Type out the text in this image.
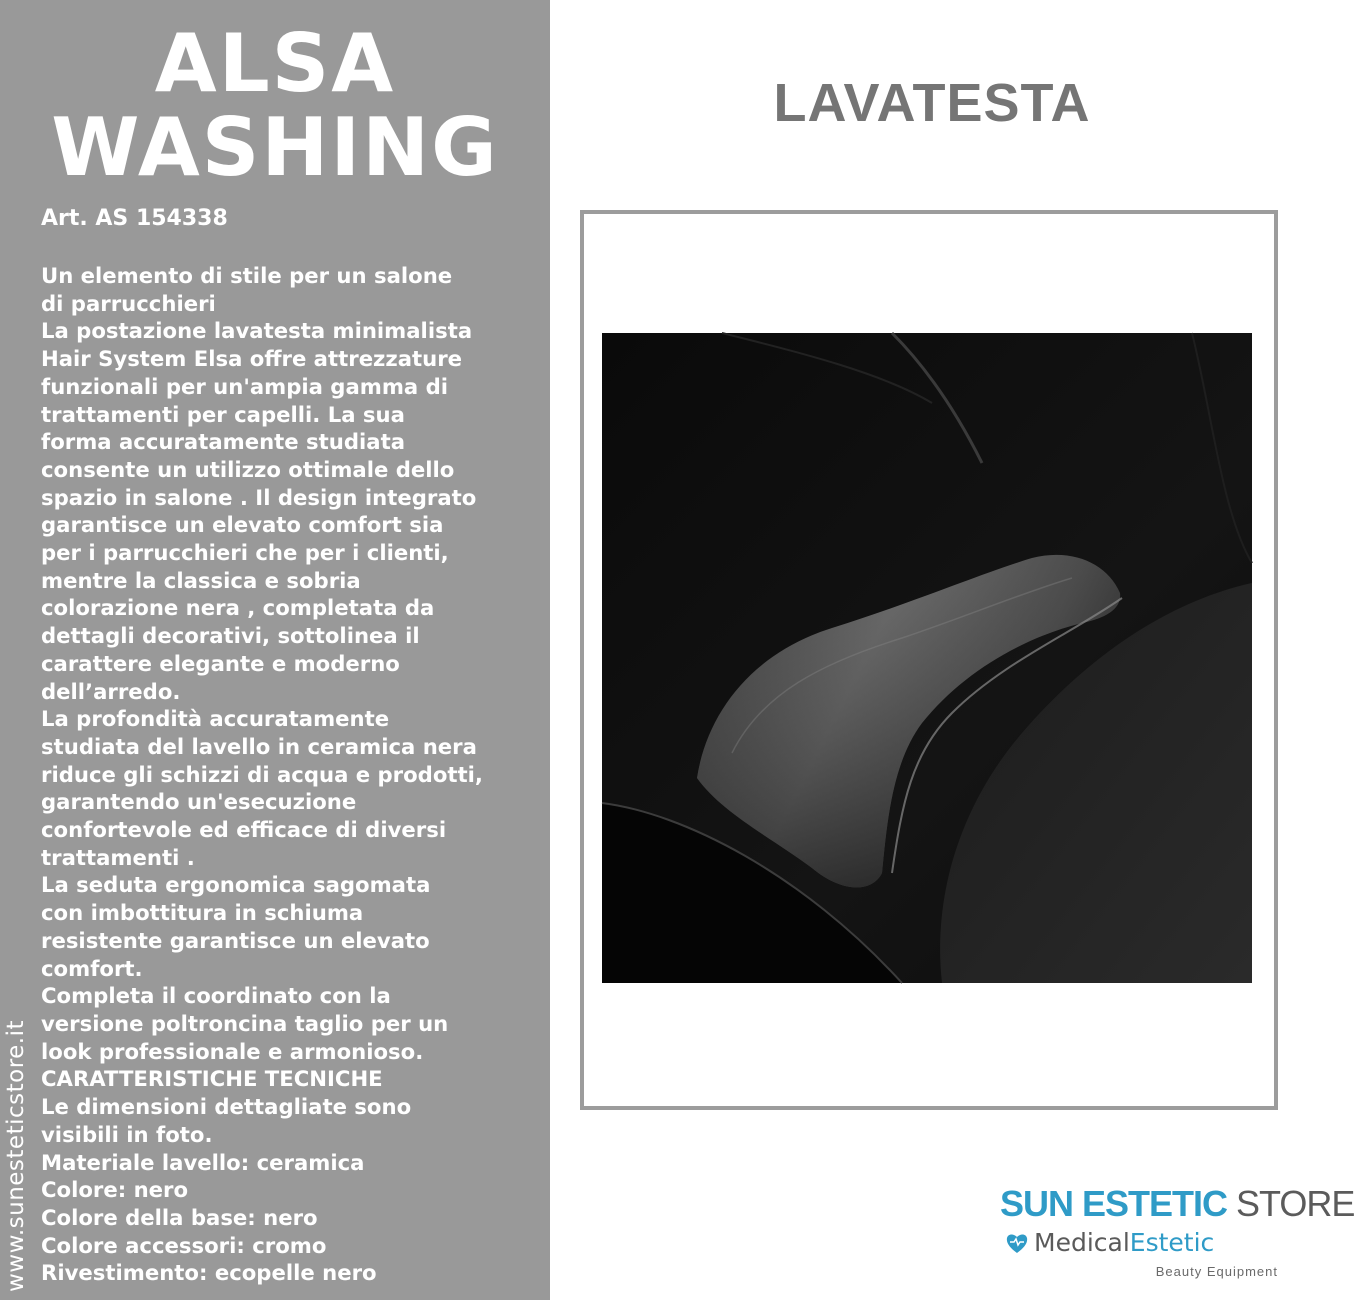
ALSA
WASHING
Art. AS 154338
Un elemento di stile per un salone
di parrucchieri
La postazione lavatesta minimalista
Hair System Elsa offre attrezzature
funzionali per un'ampia gamma di
trattamenti per capelli. La sua
forma accuratamente studiata
consente un utilizzo ottimale dello
spazio in salone . Il design integrato
garantisce un elevato comfort sia
per i parrucchieri che per i clienti,
mentre la classica e sobria
colorazione nera , completata da
dettagli decorativi, sottolinea il
carattere elegante e moderno
dell’arredo.
La profondità accuratamente
studiata del lavello in ceramica nera
riduce gli schizzi di acqua e prodotti,
garantendo un'esecuzione
confortevole ed efficace di diversi
trattamenti .
La seduta ergonomica sagomata
con imbottitura in schiuma
resistente garantisce un elevato
comfort.
Completa il coordinato con la
versione poltroncina taglio per un
look professionale e armonioso.
CARATTERISTICHE TECNICHE
Le dimensioni dettagliate sono
visibili in foto.
Materiale lavello: ceramica
Colore: nero
Colore della base: nero
Colore accessori: cromo
Rivestimento: ecopelle nero
www.sunesteticstore.it
LAVATESTA
SUN ESTETIC STORE
MedicalEstetic
Beauty Equipment
